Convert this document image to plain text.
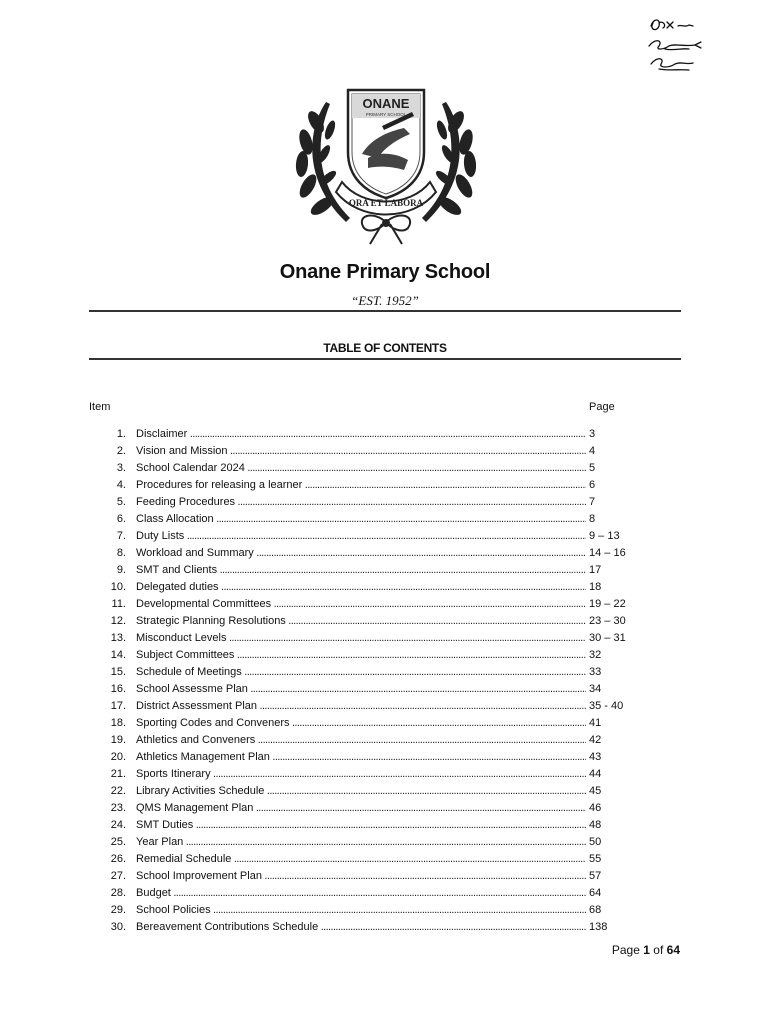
ONANE
PRIMARY SCHOOL
ORA ET LABORA
Onane Primary School
“EST. 1952”
TABLE OF CONTENTS
Item	Page
1. Disclaimer .....	3
2. Vision and Mission .....	4
3. School Calendar 2024 .....	5
4. Procedures for releasing a learner .....	6
5. Feeding Procedures .....	7
6. Class Allocation .....	8
7. Duty Lists .....	9 – 13
8. Workload and Summary .....	14 – 16
9. SMT and Clients .....	17
10. Delegated duties .....	18
11. Developmental Committees .....	19 – 22
12. Strategic Planning Resolutions .....	23 – 30
13. Misconduct Levels .....	30 – 31
14. Subject Committees .....	32
15. Schedule of Meetings .....	33
16. School Assessme Plan .....	34
17. District Assessment Plan .....	35 - 40
18. Sporting Codes and Conveners .....	41
19. Athletics and Conveners .....	42
20. Athletics Management Plan .....	43
21. Sports Itinerary .....	44
22. Library Activities Schedule .....	45
23. QMS Management Plan .....	46
24. SMT Duties .....	48
25. Year Plan .....	50
26. Remedial Schedule .....	55
27. School Improvement Plan .....	57
28. Budget .....	64
29. School Policies .....	68
30. Bereavement Contributions Schedule .....	138
Page 1 of 64
